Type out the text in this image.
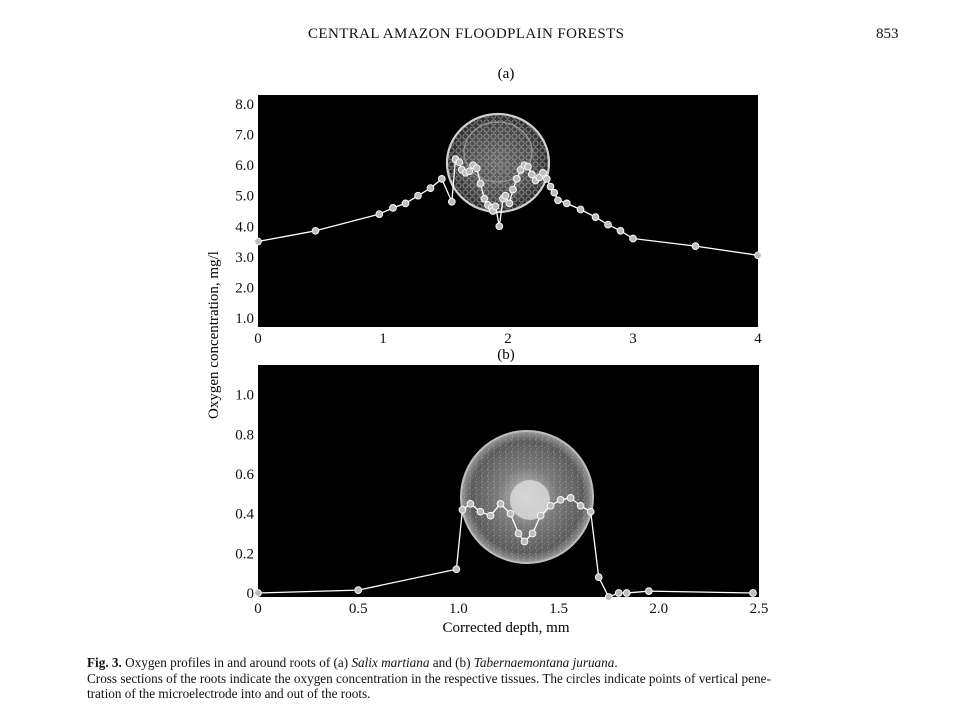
CENTRAL AMAZON FLOODPLAIN FORESTS	853
(a)
1.0
2.0
3.0
4.0
5.0
6.0
7.0
8.0
0	1	2	3	4
(b)
0
0.2
0.4
0.6
0.8
1.0
0	0.5	1.0	1.5	2.0	2.5
Oxygen concentration, mg/l
Corrected depth, mm
Fig. 3. Oxygen profiles in and around roots of (a) Salix martiana and (b) Tabernaemontana juruana.
Cross sections of the roots indicate the oxygen concentration in the respective tissues. The circles indicate points of vertical pene-
tration of the microelectrode into and out of the roots.
